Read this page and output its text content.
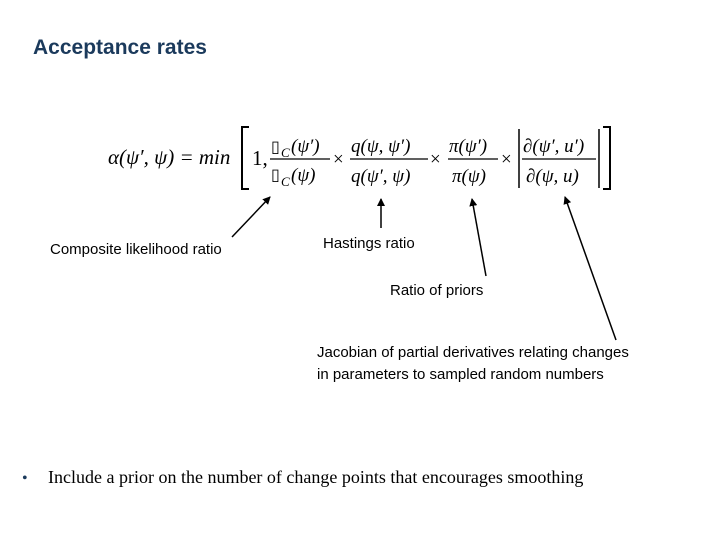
Acceptance rates
α(ψ′, ψ) = min 1, ▯ C (ψ′)
▯ C (ψ)
×
q(ψ, ψ′)
q(ψ′, ψ)
×
π(ψ′)
π(ψ)
×
∂(ψ′, u′)
∂(ψ, u)
Composite likelihood ratio	Hastings ratio
Ratio of priors
Jacobian of partial derivatives relating changes
in parameters to sampled random numbers
•	Include a prior on the number of change points that encourages smoothing
